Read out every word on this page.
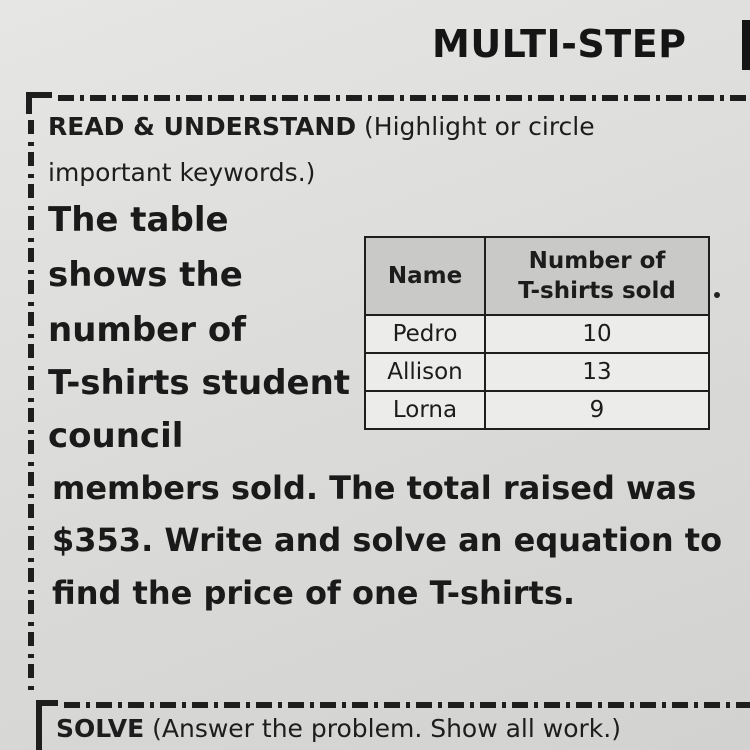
MULTI-STEP
READ & UNDERSTAND (Highlight or circle
important keywords.)
The table
shows the
number of
T-shirts student
council
members sold. The total raised was
$353. Write and solve an equation to
find the price of one T-shirts.
Name	Number of
T-shirts sold

Pedro	10
Allison	13
Lorna	9
SOLVE (Answer the problem. Show all work.)
